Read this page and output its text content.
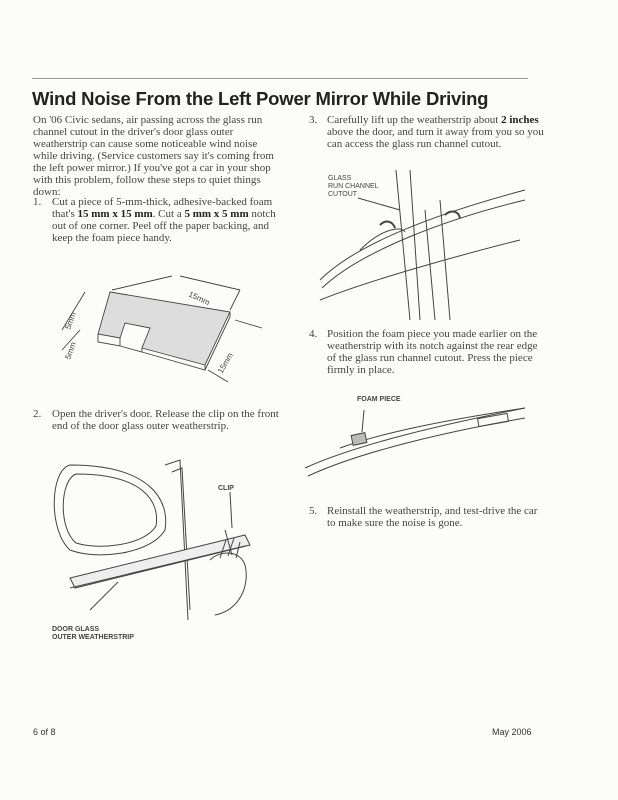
Wind Noise From the Left Power Mirror While Driving
On '06 Civic sedans, air passing across the glass run channel cutout in the driver's door glass outer weatherstrip can cause some noticeable wind noise while driving. (Service customers say it's coming from the left power mirror.) If you've got a car in your shop with this problem, follow these steps to quiet things down:
1. Cut a piece of 5-mm-thick, adhesive-backed foam that's 15 mm x 15 mm. Cut a 5 mm x 5 mm notch out of one corner. Peel off the paper backing, and keep the foam piece handy.
15mm
5mm
5mm
15mm
2. Open the driver's door. Release the clip on the front end of the door glass outer weatherstrip.
CLIP
DOOR GLASS
OUTER WEATHERSTRIP
3. Carefully lift up the weatherstrip about 2 inches above the door, and turn it away from you so you can access the glass run channel cutout.
GLASS
RUN CHANNEL
CUTOUT
4. Position the foam piece you made earlier on the weatherstrip with its notch against the rear edge of the glass run channel cutout. Press the piece firmly in place.
FOAM PIECE
5. Reinstall the weatherstrip, and test-drive the car to make sure the noise is gone.
6 of 8	May 2006
